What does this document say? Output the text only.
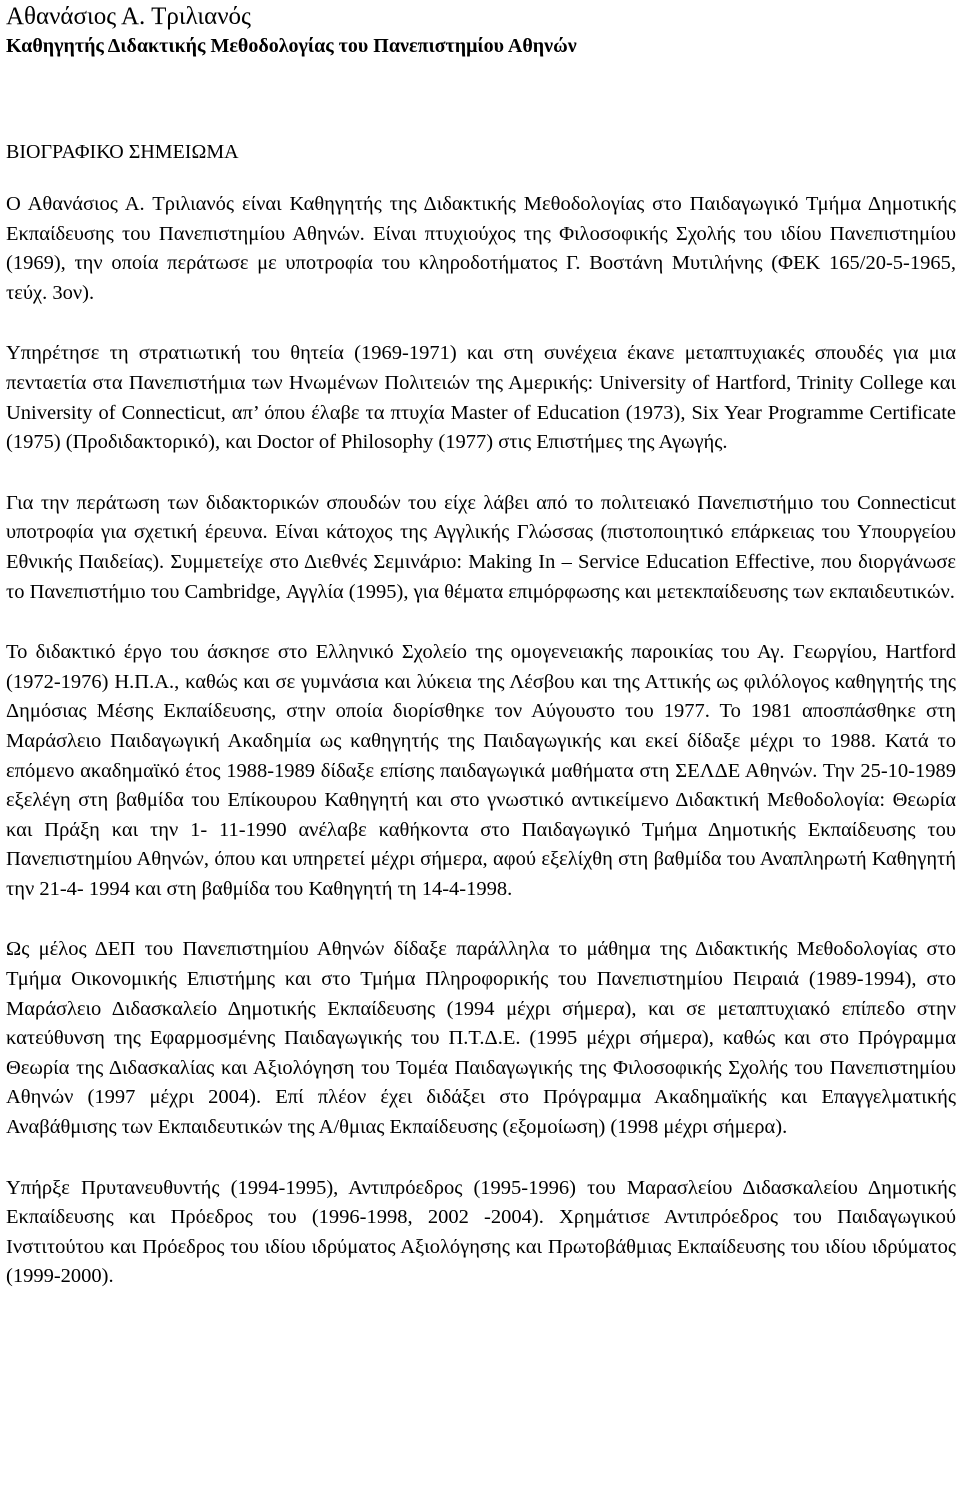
Αθανάσιος Α. Τριλιανός
Καθηγητής Διδακτικής Μεθοδολογίας του Πανεπιστημίου Αθηνών
ΒΙΟΓΡΑΦΙΚΟ ΣΗΜΕΙΩΜΑ

Ο Αθανάσιος Α. Τριλιανός είναι Καθηγητής της Διδακτικής Μεθοδολογίας στο Παιδαγωγικό Τμήμα Δημοτικής Εκπαίδευσης του Πανεπιστημίου Αθηνών. Είναι πτυχιούχος της Φιλοσοφικής Σχολής του ιδίου Πανεπιστημίου (1969), την οποία περάτωσε με υποτροφία του κληροδοτήματος Γ. Βοστάνη Μυτιλήνης (ΦΕΚ 165/20-5-1965, τεύχ. 3ον).

Υπηρέτησε τη στρατιωτική του θητεία (1969-1971) και στη συνέχεια έκανε μεταπτυχιακές σπουδές για μια πενταετία στα Πανεπιστήμια των Ηνωμένων Πολιτειών της Αμερικής: University of Hartford, Trinity College και University of Connecticut, απ’ όπου έλαβε τα πτυχία Master of Education (1973), Six Year Programme Certificate (1975) (Προδιδακτορικό), και Doctor of Philosophy (1977) στις Επιστήμες της Αγωγής.

Για την περάτωση των διδακτορικών σπουδών του είχε λάβει από το πολιτειακό Πανεπιστήμιο του Connecticut υποτροφία για σχετική έρευνα. Είναι κάτοχος της Αγγλικής Γλώσσας (πιστοποιητικό επάρκειας του Υπουργείου Εθνικής Παιδείας). Συμμετείχε στο Διεθνές Σεμινάριο: Making In – Service Education Effective, που διοργάνωσε το Πανεπιστήμιο του Cambridge, Αγγλία (1995), για θέματα επιμόρφωσης και μετεκπαίδευσης των εκπαιδευτικών.

Το διδακτικό έργο του άσκησε στο Ελληνικό Σχολείο της ομογενειακής παροικίας του Αγ. Γεωργίου, Hartford (1972-1976) Η.Π.Α., καθώς και σε γυμνάσια και λύκεια της Λέσβου και της Αττικής ως φιλόλογος καθηγητής της Δημόσιας Μέσης Εκπαίδευσης, στην οποία διορίσθηκε τον Αύγουστο του 1977. Το 1981 αποσπάσθηκε στη Μαράσλειο Παιδαγωγική Ακαδημία ως καθηγητής της Παιδαγωγικής και εκεί δίδαξε μέχρι το 1988. Κατά το επόμενο ακαδημαϊκό έτος 1988-1989 δίδαξε επίσης παιδαγωγικά μαθήματα στη ΣΕΛΔΕ Αθηνών. Την 25-10-1989 εξελέγη στη βαθμίδα του Επίκουρου Καθηγητή και στο γνωστικό αντικείμενο Διδακτική Μεθοδολογία: Θεωρία και Πράξη και την 1- 11-1990 ανέλαβε καθήκοντα στο Παιδαγωγικό Τμήμα Δημοτικής Εκπαίδευσης του Πανεπιστημίου Αθηνών, όπου και υπηρετεί μέχρι σήμερα, αφού εξελίχθη στη βαθμίδα του Αναπληρωτή Καθηγητή την 21-4- 1994 και στη βαθμίδα του Καθηγητή τη 14-4-1998.

Ως μέλος ΔΕΠ του Πανεπιστημίου Αθηνών δίδαξε παράλληλα το μάθημα της Διδακτικής Μεθοδολογίας στο Τμήμα Οικονομικής Επιστήμης και στο Τμήμα Πληροφορικής του Πανεπιστημίου Πειραιά (1989-1994), στο Μαράσλειο Διδασκαλείο Δημοτικής Εκπαίδευσης (1994 μέχρι σήμερα), και σε μεταπτυχιακό επίπεδο στην κατεύθυνση της Εφαρμοσμένης Παιδαγωγικής του Π.Τ.Δ.Ε. (1995 μέχρι σήμερα), καθώς και στο Πρόγραμμα Θεωρία της Διδασκαλίας και Αξιολόγηση του Τομέα Παιδαγωγικής της Φιλοσοφικής Σχολής του Πανεπιστημίου Αθηνών (1997 μέχρι 2004). Επί πλέον έχει διδάξει στο Πρόγραμμα Ακαδημαϊκής και Επαγγελματικής Αναβάθμισης των Εκπαιδευτικών της Α/θμιας Εκπαίδευσης (εξομοίωση) (1998 μέχρι σήμερα).

Υπήρξε Πρυτανευθυντής (1994-1995), Αντιπρόεδρος (1995-1996) του Μαρασλείου Διδασκαλείου Δημοτικής Εκπαίδευσης και Πρόεδρος του (1996-1998, 2002 -2004). Χρημάτισε Αντιπρόεδρος του Παιδαγωγικού Ινστιτούτου και Πρόεδρος του ιδίου ιδρύματος Αξιολόγησης και Πρωτοβάθμιας Εκπαίδευσης του ιδίου ιδρύματος (1999-2000).
